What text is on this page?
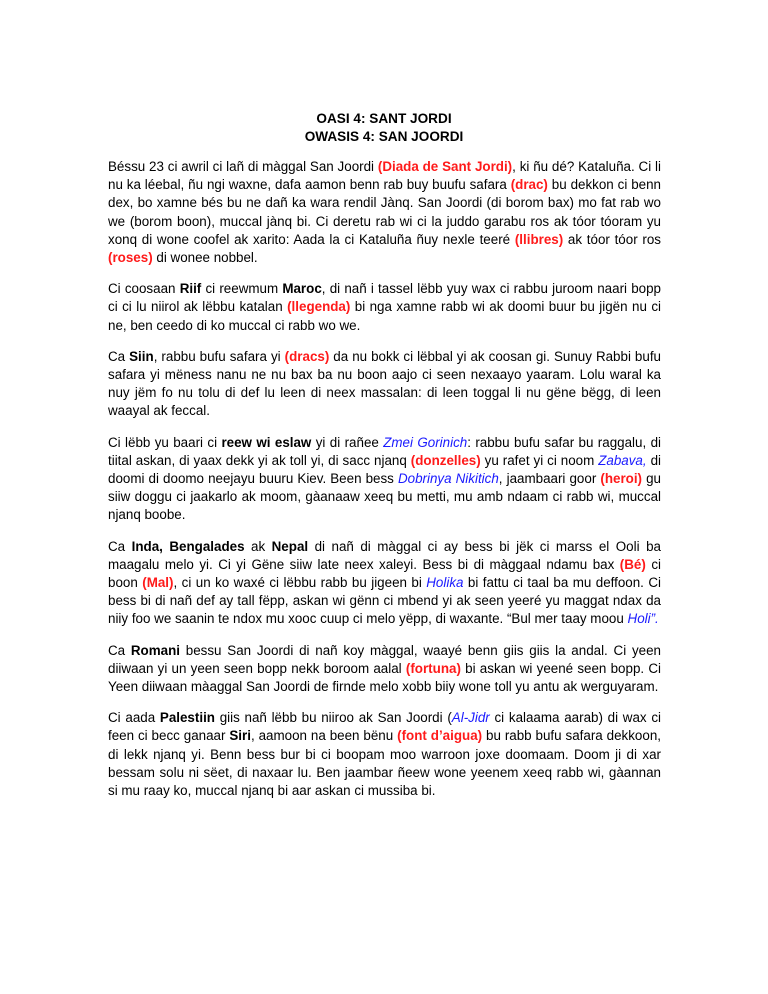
OASI 4: SANT JORDI
OWASIS 4: SAN JOORDI

Béssu 23 ci awril ci lañ di màggal San Joordi (Diada de Sant Jordi), ki ñu dé? Kataluña. Ci li nu ka léebal, ñu ngi waxne, dafa aamon benn rab buy buufu safara (drac) bu dekkon ci benn dex, bo xamne bés bu ne dañ ka wara rendil Jànq. San Joordi (di borom bax) mo fat rab wo we (borom boon), muccal jànq bi. Ci deretu rab wi ci la juddo garabu ros ak tóor tóoram yu xonq di wone coofel ak xarito: Aada la ci Kataluña ñuy nexle teeré (llibres) ak tóor tóor ros (roses) di wonee nobbel.

Ci coosaan Riif ci reewmum Maroc, di nañ i tassel lëbb yuy wax ci rabbu juroom naari bopp ci ci lu niirol ak lëbbu katalan (llegenda) bi nga xamne rabb wi ak doomi buur bu jigën nu ci ne, ben ceedo di ko muccal ci rabb wo we.

Ca Siin, rabbu bufu safara yi (dracs) da nu bokk ci lëbbal yi ak coosan gi. Sunuy Rabbi bufu safara yi mëness nanu ne nu bax ba nu boon aajo ci seen nexaayo yaaram. Lolu waral ka nuy jëm fo nu tolu di def lu leen di neex massalan: di leen toggal li nu gëne bëgg, di leen waayal ak feccal.

Ci lëbb yu baari ci reew wi eslaw yi di rañee Zmei Gorinich: rabbu bufu safar bu raggalu, di tiital askan, di yaax dekk yi ak toll yi, di sacc njanq (donzelles) yu rafet yi ci noom Zabava, di doomi di doomo neejayu buuru Kiev. Been bess Dobrinya Nikitich, jaambaari goor (heroi) gu siiw doggu ci jaakarlo ak moom, gàanaaw xeeq bu metti, mu amb ndaam ci rabb wi, muccal njanq boobe.

Ca Inda, Bengalades ak Nepal di nañ di màggal ci ay bess bi jëk ci marss el Ooli ba maagalu melo yi. Ci yi Gëne siiw late neex xaleyi. Bess bi di màggaal ndamu bax (Bé) ci boon (Mal), ci un ko waxé ci lëbbu rabb bu jigeen bi Holika bi fattu ci taal ba mu deffoon. Ci bess bi di nañ def ay tall fëpp, askan wi gënn ci mbend yi ak seen yeeré yu maggat ndax da niiy foo we saanin te ndox mu xooc cuup ci melo yëpp, di waxante. “Bul mer taay moou Holi”.

Ca Romani bessu San Joordi di nañ koy màggal, waayé benn giis giis la andal. Ci yeen diiwaan yi un yeen seen bopp nekk boroom aalal (fortuna) bi askan wi yeené seen bopp. Ci Yeen diiwaan màaggal San Joordi de firnde melo xobb biiy wone toll yu antu ak werguyaram.

Ci aada Palestiin giis nañ lëbb bu niiroo ak San Joordi (Al-Jidr ci kalaama aarab) di wax ci feen ci becc ganaar Siri, aamoon na been bënu (font d’aigua) bu rabb bufu safara dekkoon, di lekk njanq yi. Benn bess bur bi ci boopam moo warroon joxe doomaam. Doom ji di xar bessam solu ni sëet, di naxaar lu. Ben jaambar ñeew wone yeenem xeeq rabb wi, gàannan si mu raay ko, muccal njanq bi aar askan ci mussiba bi.
